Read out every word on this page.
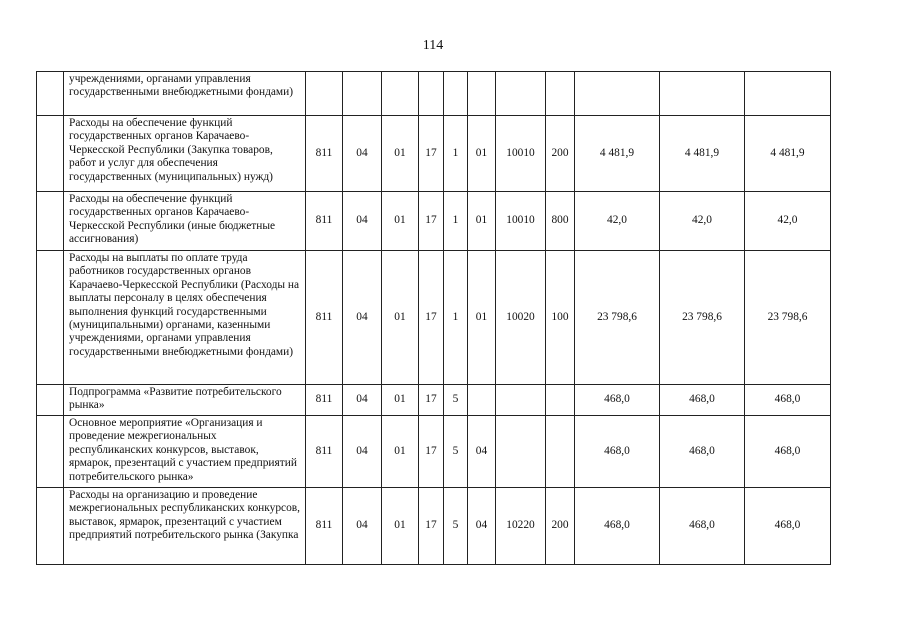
114
	учреждениями, органами управления государственными внебюджетными фондами)											
	Расходы на обеспечение функций государственных органов Карачаево-Черкесской Республики (Закупка товаров, работ и услуг для обеспечения государственных (муниципальных) нужд)	811	04	01	17	1	01	10010	200	4 481,9	4 481,9	4 481,9
	Расходы на обеспечение функций государственных органов Карачаево-Черкесской Республики (иные бюджетные ассигнования)	811	04	01	17	1	01	10010	800	42,0	42,0	42,0
	Расходы на выплаты по оплате труда работников государственных органов Карачаево-Черкесской Республики (Расходы на выплаты персоналу в целях обеспечения выполнения функций государственными (муниципальными) органами, казенными учреждениями, органами управления государственными внебюджетными фондами)	811	04	01	17	1	01	10020	100	23 798,6	23 798,6	23 798,6
	Подпрограмма «Развитие потребительского рынка»	811	04	01	17	5				468,0	468,0	468,0
	Основное мероприятие «Организация и проведение межрегиональных республиканских конкурсов, выставок, ярмарок, презентаций с участием предприятий потребительского рынка»	811	04	01	17	5	04			468,0	468,0	468,0
	Расходы на организацию и проведение межрегиональных республиканских конкурсов, выставок, ярмарок, презентаций с участием предприятий потребительского рынка (Закупка	811	04	01	17	5	04	10220	200	468,0	468,0	468,0
